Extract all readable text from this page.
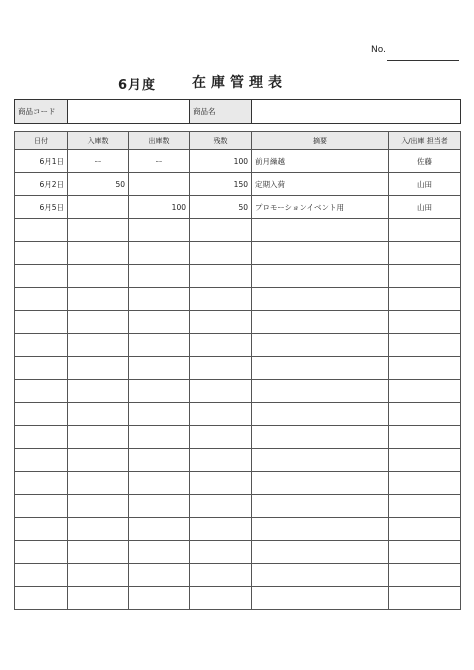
No.
6月度	在庫管理表
商品コード		商品名	
日付	入庫数	出庫数	残数	摘要	入/出庫 担当者
6月1日	ー	ー	100	前月繰越	佐藤
6月2日	50		150	定期入荷	山田
6月5日		100	50	プロモーションイベント用	山田
